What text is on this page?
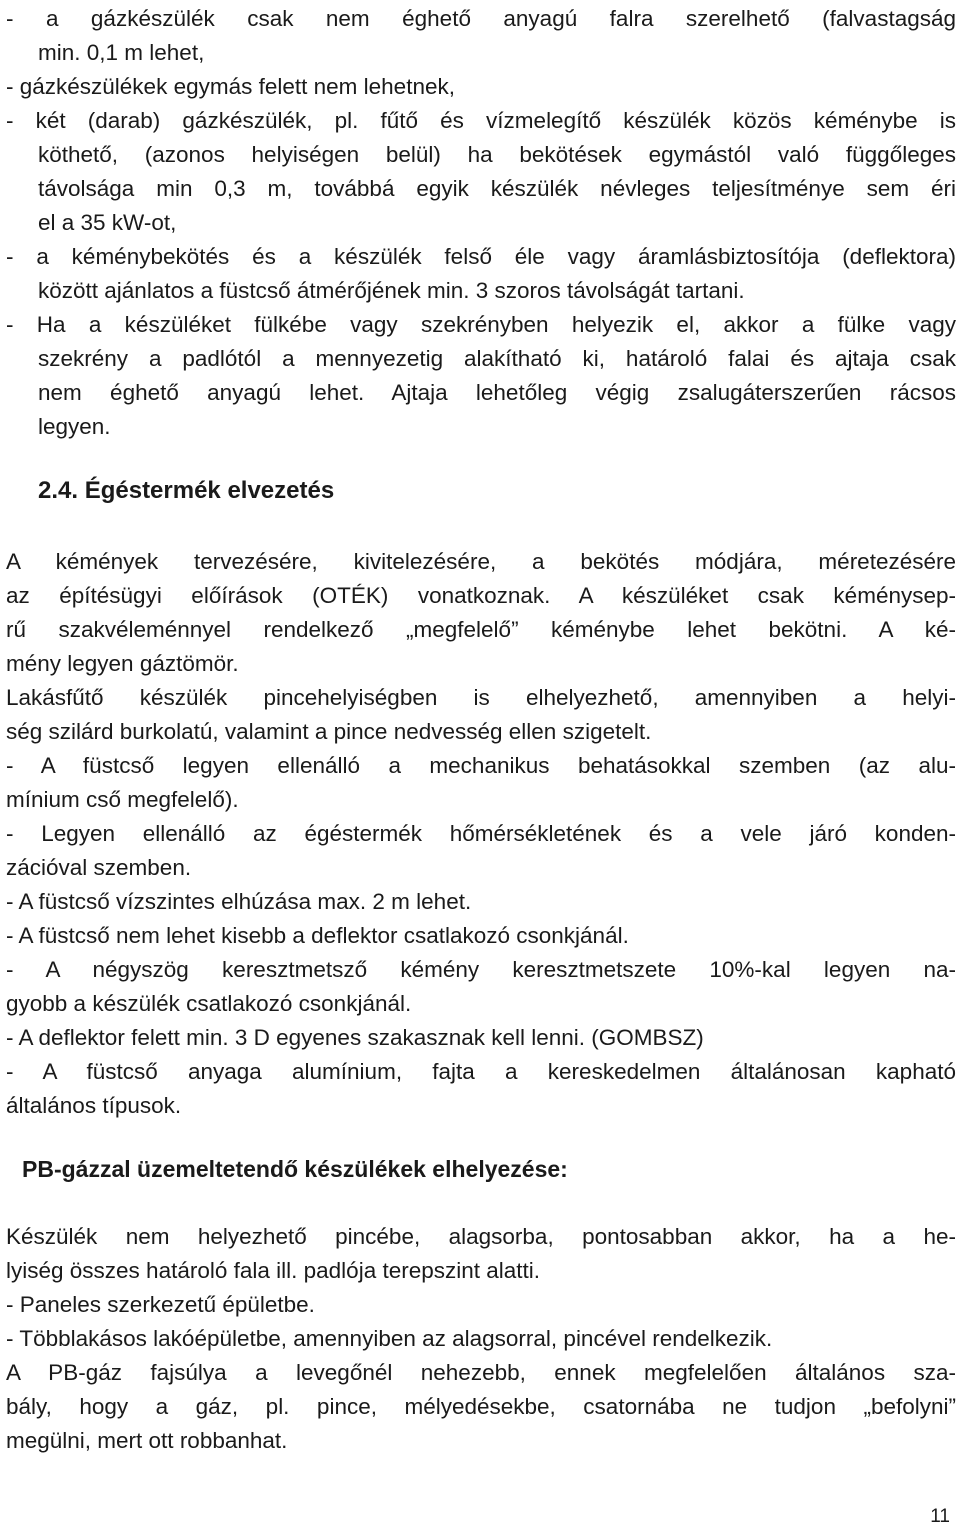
- a gázkészülék csak nem éghető anyagú falra szerelhető (falvastagság
min. 0,1 m lehet,
- gázkészülékek egymás felett nem lehetnek,
- két (darab) gázkészülék, pl. fűtő és vízmelegítő készülék közös kéménybe is
köthető, (azonos helyiségen belül) ha bekötések egymástól való függőleges
távolsága min 0,3 m, továbbá egyik készülék névleges teljesítménye sem éri
el a 35 kW-ot,
- a kéménybekötés és a készülék felső éle vagy áramlásbiztosítója (deflektora)
között ajánlatos a füstcső átmérőjének min. 3 szoros távolságát tartani.
- Ha a készüléket fülkébe vagy szekrényben helyezik el, akkor a fülke vagy
szekrény a padlótól a mennyezetig alakítható ki, határoló falai és ajtaja csak
nem éghető anyagú lehet. Ajtaja lehetőleg végig zsalugáterszerűen rácsos
legyen.
2.4. Égéstermék elvezetés
A kémények tervezésére, kivitelezésére, a bekötés módjára, méretezésére
az építésügyi előírások (OTÉK) vonatkoznak. A készüléket csak kéménysep-
rű szakvéleménnyel rendelkező „megfelelő” kéménybe lehet bekötni. A ké-
mény legyen gáztömör.
Lakásfűtő készülék pincehelyiségben is elhelyezhető, amennyiben a helyi-
ség szilárd burkolatú, valamint a pince nedvesség ellen szigetelt.
- A füstcső legyen ellenálló a mechanikus behatásokkal szemben (az alu-
mínium cső megfelelő).
- Legyen ellenálló az égéstermék hőmérsékletének és a vele járó konden-
zációval szemben.
- A füstcső vízszintes elhúzása max. 2 m lehet.
- A füstcső nem lehet kisebb a deflektor csatlakozó csonkjánál.
- A négyszög keresztmetsző kémény keresztmetszete 10%-kal legyen na-
gyobb a készülék csatlakozó csonkjánál.
- A deflektor felett min. 3 D egyenes szakasznak kell lenni. (GOMBSZ)
- A füstcső anyaga alumínium, fajta a kereskedelmen általánosan kapható
általános típusok.
PB-gázzal üzemeltetendő készülékek elhelyezése:
Készülék nem helyezhető pincébe, alagsorba, pontosabban akkor, ha a he-
lyiség összes határoló fala ill. padlója terepszint alatti.
- Paneles szerkezetű épületbe.
- Többlakásos lakóépületbe, amennyiben az alagsorral, pincével rendelkezik.
A PB-gáz fajsúlya a levegőnél nehezebb, ennek megfelelően általános sza-
bály, hogy a gáz, pl. pince, mélyedésekbe, csatornába ne tudjon „befolyni”
megülni, mert ott robbanhat.
11
